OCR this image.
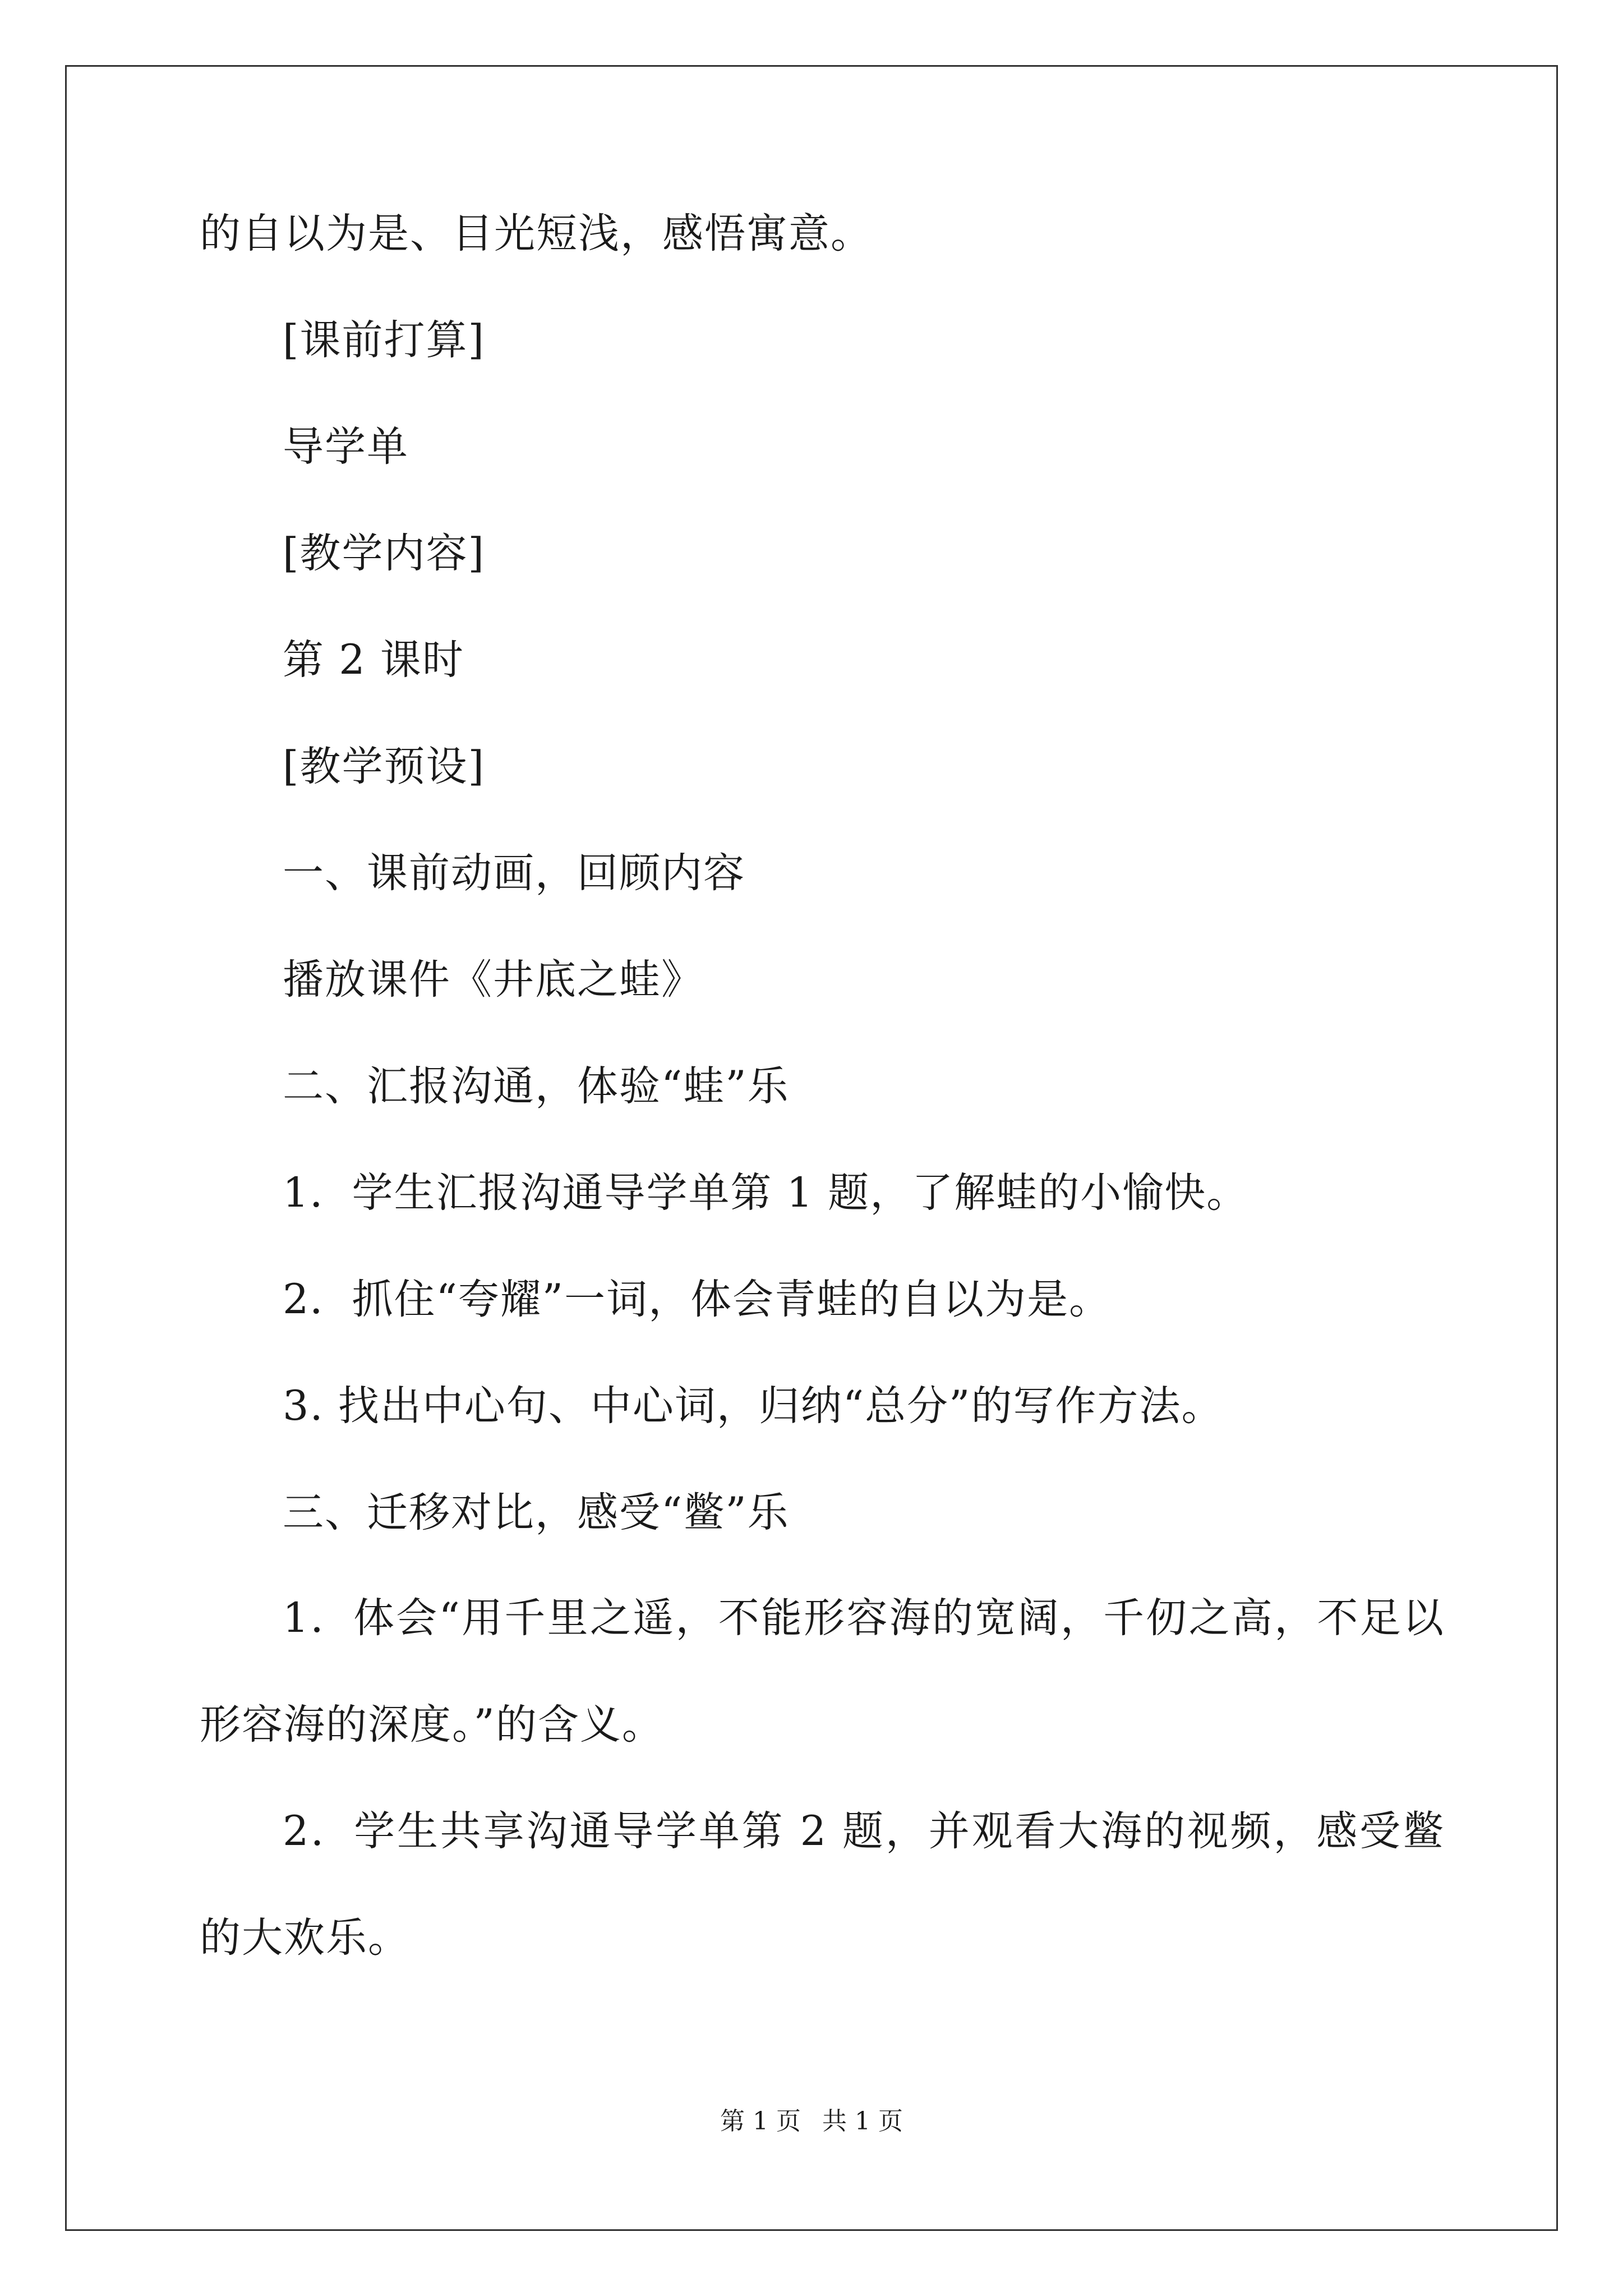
的自以为是、目光短浅，感悟寓意。
[课前打算]
导学单
[教学内容]
第 2 课时
[教学预设]
一、课前动画，回顾内容
播放课件《井底之蛙》
二、汇报沟通，体验“蛙”乐
1．学生汇报沟通导学单第 1 题，了解蛙的小愉快。
2．抓住“夸耀”一词，体会青蛙的自以为是。
3. 找出中心句、中心词，归纳“总分”的写作方法。
三、迁移对比，感受“鳖”乐
1．体会“用千里之遥，不能形容海的宽阔，千仞之高，不足以形容海的深度。”的含义。
2．学生共享沟通导学单第 2 题，并观看大海的视频，感受鳖的大欢乐。
第 1 页 共 1 页
